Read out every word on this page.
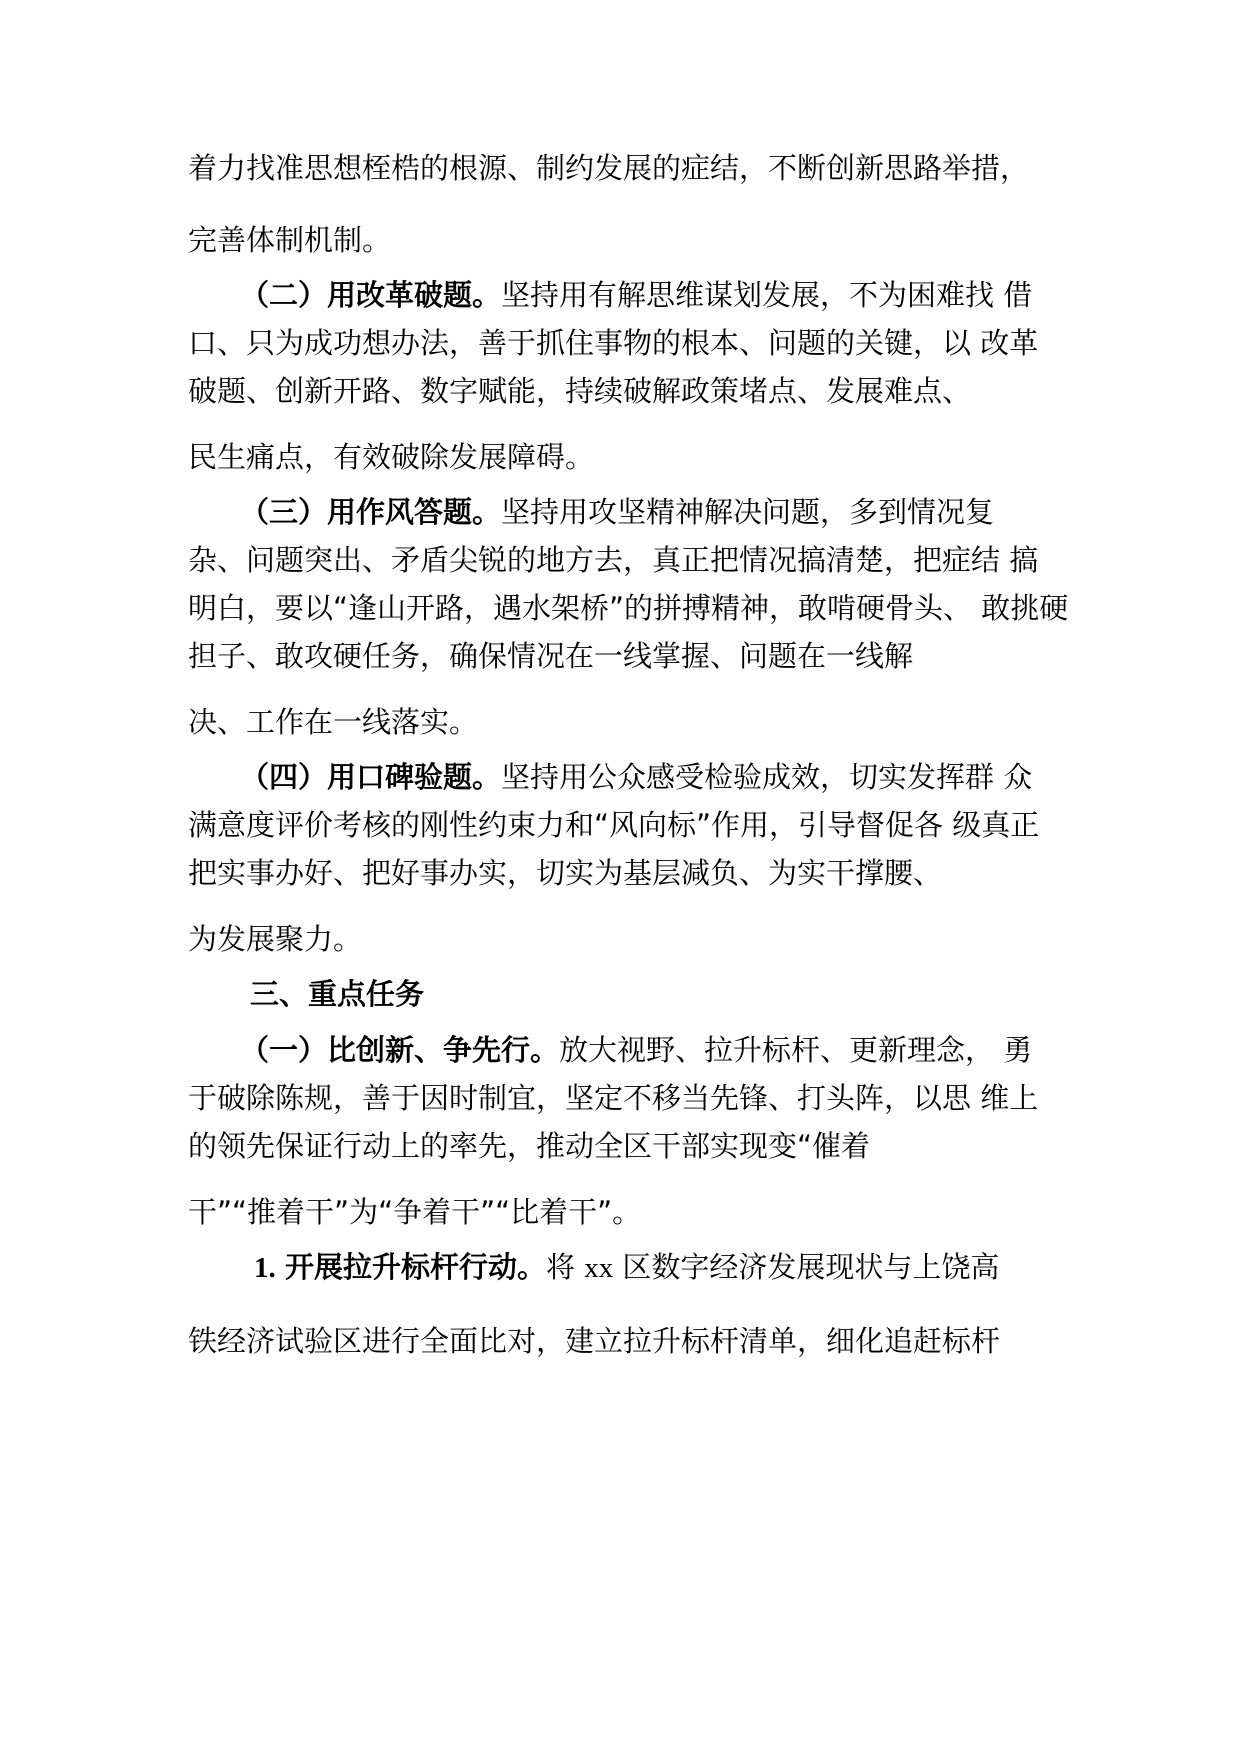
着力找准思想桎梏的根源、制约发展的症结，不断创新思路举措，
完善体制机制。
（二）用改革破题。坚持用有解思维谋划发展，不为困难找 借
口、只为成功想办法，善于抓住事物的根本、问题的关键，以 改革
破题、创新开路、数字赋能，持续破解政策堵点、发展难点、
民生痛点，有效破除发展障碍。
（三）用作风答题。坚持用攻坚精神解决问题，多到情况复
杂、问题突出、矛盾尖锐的地方去，真正把情况搞清楚，把症结 搞
明白，要以“逢山开路，遇水架桥”的拼搏精神，敢啃硬骨头、 敢挑硬
担子、敢攻硬任务，确保情况在一线掌握、问题在一线解
决、工作在一线落实。
（四）用口碑验题。坚持用公众感受检验成效，切实发挥群 众
满意度评价考核的刚性约束力和“风向标”作用，引导督促各 级真正
把实事办好、把好事办实，切实为基层减负、为实干撑腰、
为发展聚力。
三、重点任务
（一）比创新、争先行。放大视野、拉升标杆、更新理念， 勇
于破除陈规，善于因时制宜，坚定不移当先锋、打头阵，以思 维上
的领先保证行动上的率先，推动全区干部实现变“催着
干”“推着干”为“争着干”“比着干”。
1. 开展拉升标杆行动。将 xx 区数字经济发展现状与上饶高
铁经济试验区进行全面比对，建立拉升标杆清单，细化追赶标杆
